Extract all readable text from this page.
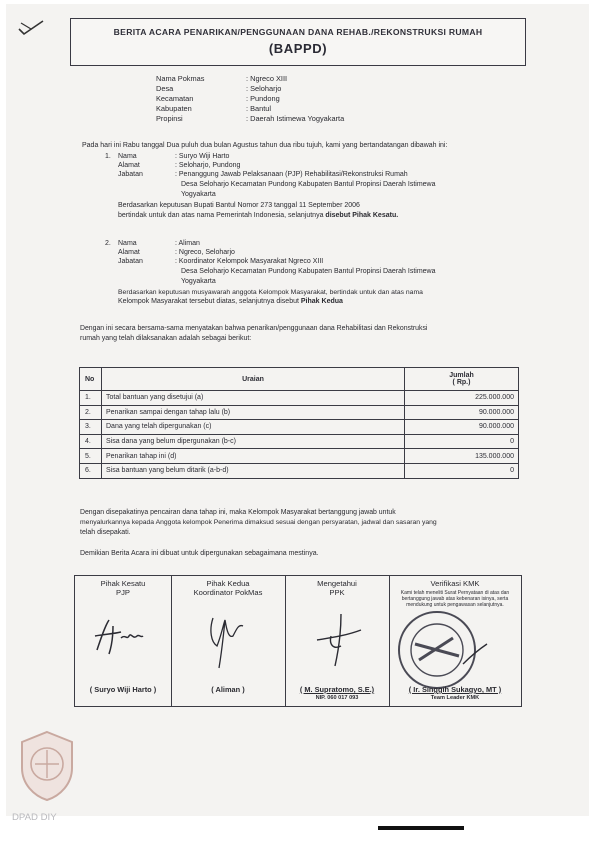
BERITA ACARA PENARIKAN/PENGGUNAAN DANA REHAB./REKONSTRUKSI RUMAH
(BAPPD)
Nama Pokmas	: Ngreco XIII
Desa	: Seloharjo
Kecamatan	: Pundong
Kabupaten	: Bantul
Propinsi	: Daerah Istimewa Yogyakarta
Pada hari ini Rabu tanggal Dua puluh dua bulan Agustus tahun dua ribu tujuh, kami yang bertandatangan dibawah ini:
1. Nama	: Suryo Wiji Harto
Alamat	: Seloharjo, Pundong
Jabatan	: Penanggung Jawab Pelaksanaan (PJP) Rehabilitasi/Rekonstruksi Rumah
Desa Seloharjo Kecamatan Pundong Kabupaten Bantul Propinsi Daerah Istimewa
Yogyakarta
Berdasarkan keputusan Bupati Bantul Nomor 273 tanggal 11 September 2006
bertindak untuk dan atas nama Pemerintah Indonesia, selanjutnya disebut Pihak Kesatu.
2. Nama	: Aliman
Alamat	: Ngreco, Seloharjo
Jabatan	: Koordinator Kelompok Masyarakat Ngreco XIII
Desa Seloharjo Kecamatan Pundong Kabupaten Bantul Propinsi Daerah Istimewa
Yogyakarta
Berdasarkan keputusan musyawarah anggota Kelompok Masyarakat, bertindak untuk dan atas nama
Kelompok Masyarakat tersebut diatas, selanjutnya disebut Pihak Kedua
Dengan ini secara bersama-sama menyatakan bahwa penarikan/penggunaan dana Rehabilitasi dan Rekonstruksi
rumah yang telah dilaksanakan adalah sebagai berikut:
No	Uraian	Jumlah
( Rp.)

1.	Total bantuan yang disetujui (a)	225.000.000
2.	Penarikan sampai dengan tahap lalu (b)	90.000.000
3.	Dana yang telah dipergunakan (c)	90.000.000
4.	Sisa dana yang belum dipergunakan (b-c)	0
5.	Penarikan tahap ini (d)	135.000.000
6.	Sisa bantuan yang belum ditarik (a-b-d)	0
Dengan disepakatinya pencairan dana tahap ini, maka Kelompok Masyarakat bertanggung jawab untuk
menyalurkannya kepada Anggota kelompok Penerima dimaksud sesuai dengan persyaratan, jadwal dan sasaran yang
telah disepakati.
Demikian Berita Acara ini dibuat untuk dipergunakan sebagaimana mestinya.
Pihak Kesatu
PJP
( Suryo Wiji Harto )
Pihak Kedua
Koordinator PokMas
( Aliman )
Mengetahui
PPK
( M. Supratomo, S.E.)
NIP. 060 017 093
Verifikasi KMK
Kami telah meneliti Surat Pernyataan di atas dan bertanggung jawab atas kebenaran isinya, serta mendukung untuk pengawasan selanjutnya.
( Ir. Singgih Sukagyo, MT )
Team Leader KMK
DPAD DIY
